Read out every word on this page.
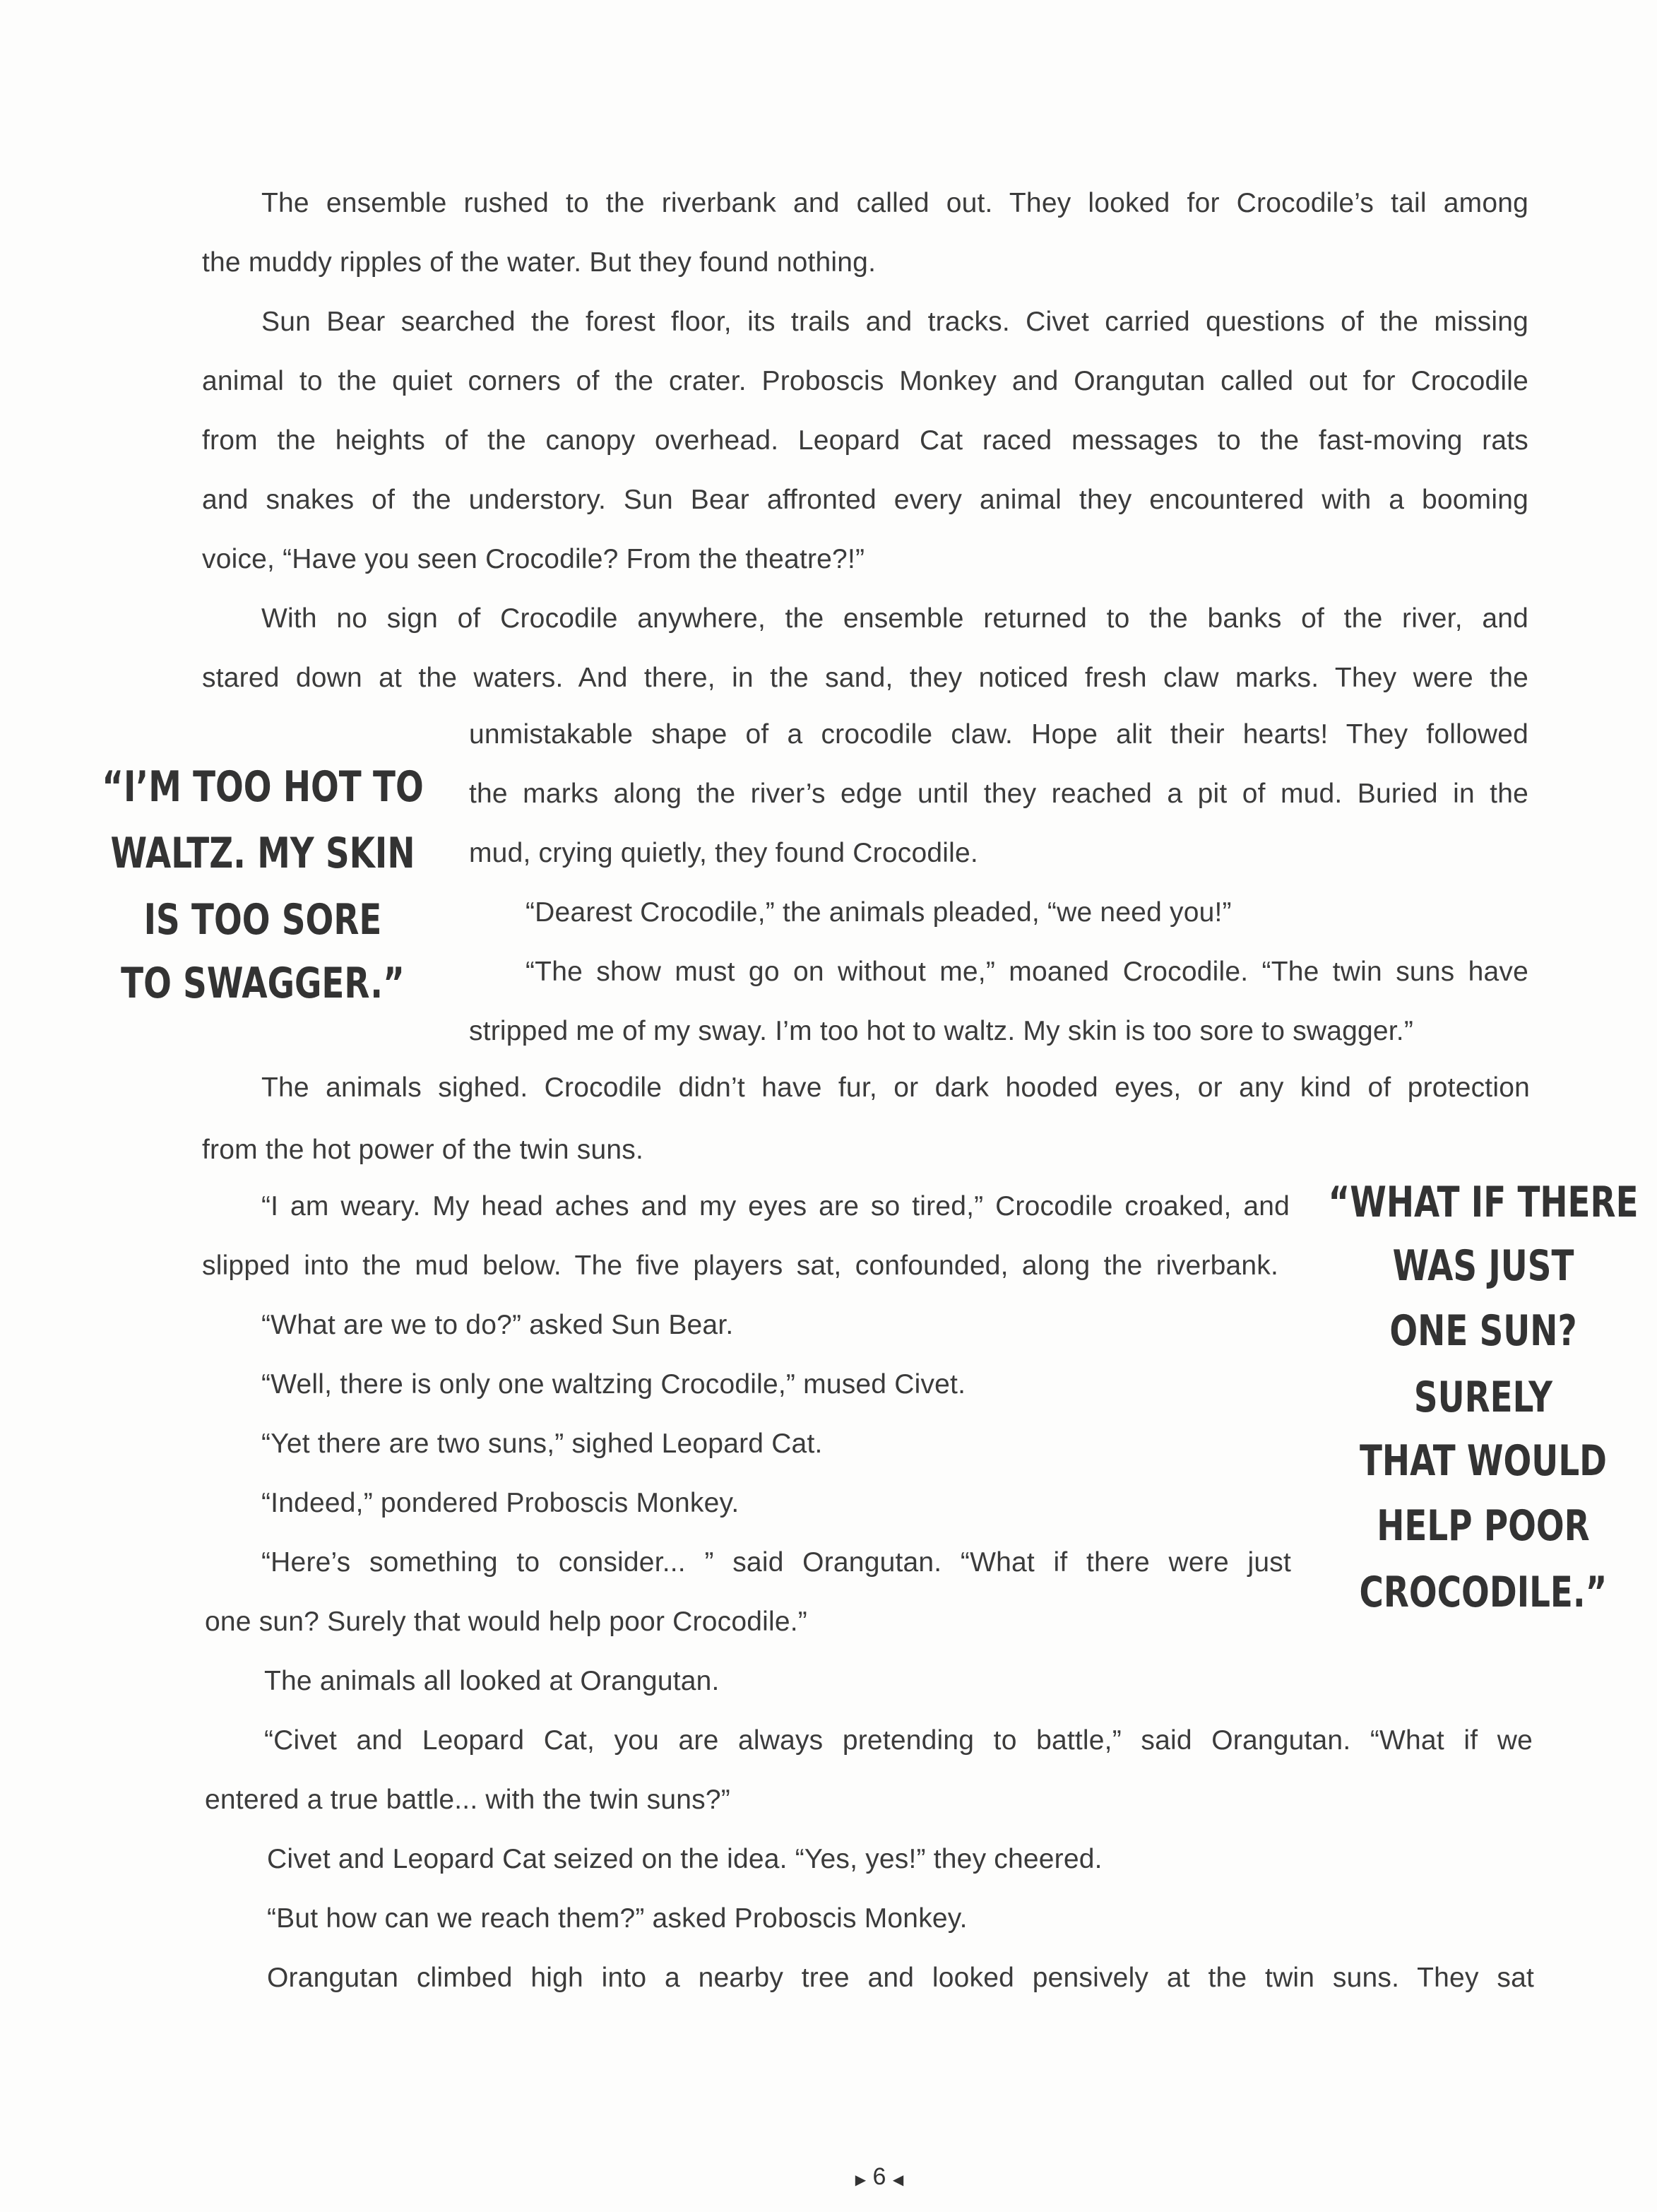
The ensemble rushed to the riverbank and called out. They looked for Crocodile’s tail among
the muddy ripples of the water. But they found nothing.
Sun Bear searched the forest floor, its trails and tracks. Civet carried questions of the missing
animal to the quiet corners of the crater. Proboscis Monkey and Orangutan called out for Crocodile
from the heights of the canopy overhead. Leopard Cat raced messages to the fast-moving rats
and snakes of the understory. Sun Bear affronted every animal they encountered with a booming
voice, “Have you seen Crocodile? From the theatre?!”
With no sign of Crocodile anywhere, the ensemble returned to the banks of the river, and
stared down at the waters. And there, in the sand, they noticed fresh claw marks. They were the
unmistakable shape of a crocodile claw. Hope alit their hearts! They followed
the marks along the river’s edge until they reached a pit of mud. Buried in the
mud, crying quietly, they found Crocodile.
“Dearest Crocodile,” the animals pleaded, “we need you!”
“The show must go on without me,” moaned Crocodile. “The twin suns have
stripped me of my sway. I’m too hot to waltz. My skin is too sore to swagger.”
The animals sighed. Crocodile didn’t have fur, or dark hooded eyes, or any kind of protection
from the hot power of the twin suns.
“I am weary. My head aches and my eyes are so tired,” Crocodile croaked, and
slipped into the mud below. The five players sat, confounded, along the riverbank.
“What are we to do?” asked Sun Bear.
“Well, there is only one waltzing Crocodile,” mused Civet.
“Yet there are two suns,” sighed Leopard Cat.
“Indeed,” pondered Proboscis Monkey.
“Here’s something to consider... ” said Orangutan. “What if there were just
one sun? Surely that would help poor Crocodile.”
The animals all looked at Orangutan.
“Civet and Leopard Cat, you are always pretending to battle,” said Orangutan. “What if we
entered a true battle... with the twin suns?”
Civet and Leopard Cat seized on the idea. “Yes, yes!” they cheered.
“But how can we reach them?” asked Proboscis Monkey.
Orangutan climbed high into a nearby tree and looked pensively at the twin suns. They sat
“I’M TOO HOT TO
WALTZ. MY SKIN
IS TOO SORE
TO SWAGGER.”
“WHAT IF THERE
WAS JUST
ONE SUN?
SURELY
THAT WOULD
HELP POOR
CROCODILE.”
▶ 6 ◀
